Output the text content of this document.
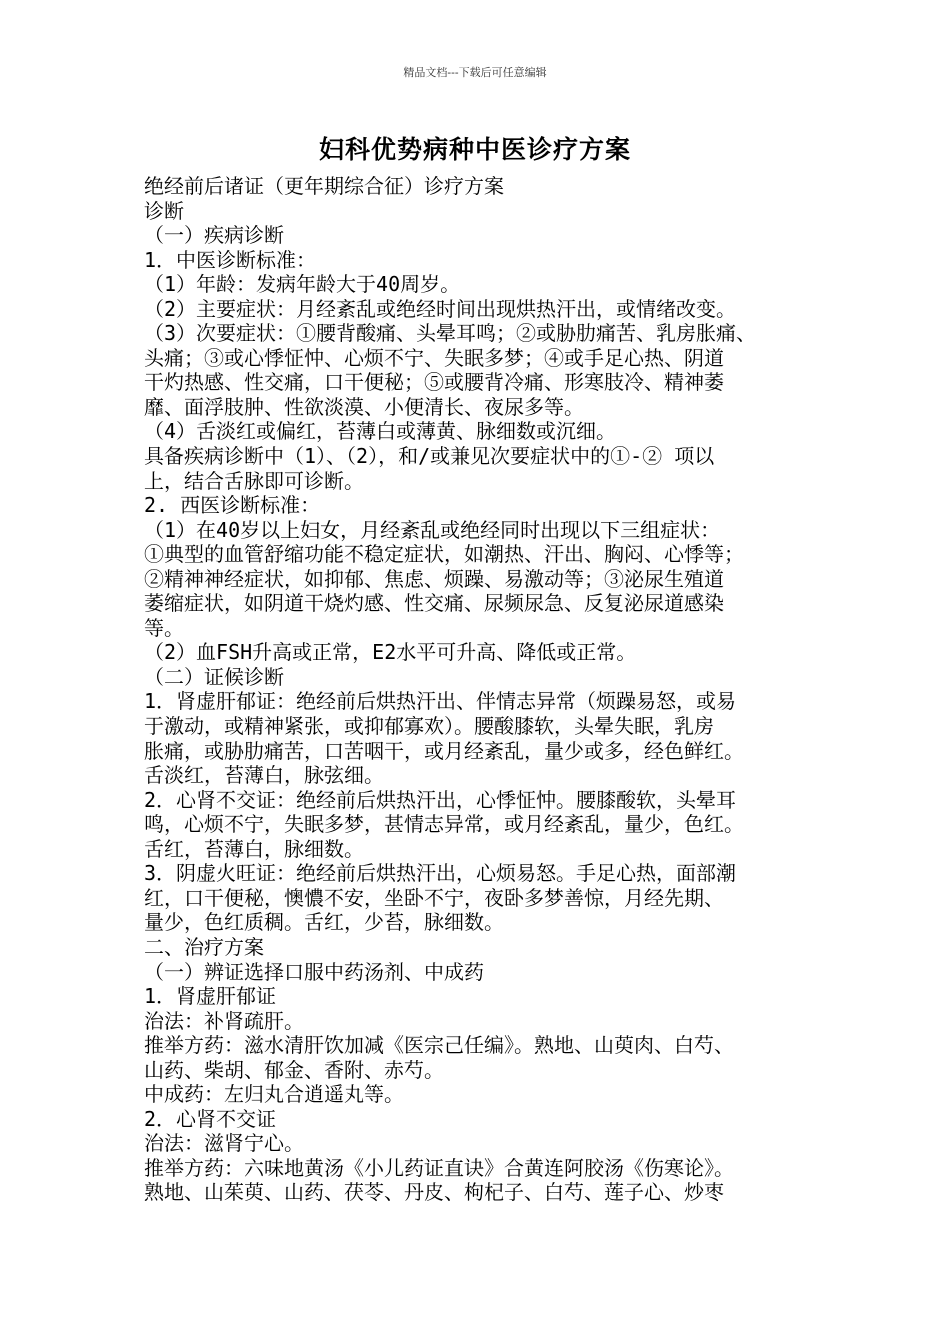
精品文档---下载后可任意编辑
妇科优势病种中医诊疗方案

绝经前后诸证（更年期综合征）诊疗方案

诊断

（一）疾病诊断

1．中医诊断标准：

（1）年龄：发病年龄大于40周岁。

（2）主要症状：月经紊乱或绝经时间出现烘热汗出，或情绪改变。

（3）次要症状：①腰背酸痛、头晕耳鸣；②或胁肋痛苦、乳房胀痛、

头痛；③或心悸怔忡、心烦不宁、失眠多梦；④或手足心热、阴道

干灼热感、性交痛，口干便秘；⑤或腰背冷痛、形寒肢冷、精神萎

靡、面浮肢肿、性欲淡漠、小便清长、夜尿多等。

（4）舌淡红或偏红，苔薄白或薄黄、脉细数或沉细。

具备疾病诊断中（1）、（2），和/或兼见次要症状中的①-② 项以

上，结合舌脉即可诊断。

2. 西医诊断标准：

（1）在40岁以上妇女，月经紊乱或绝经同时出现以下三组症状：

①典型的血管舒缩功能不稳定症状，如潮热、汗出、胸闷、心悸等；

②精神神经症状，如抑郁、焦虑、烦躁、易激动等；③泌尿生殖道

萎缩症状，如阴道干烧灼感、性交痛、尿频尿急、反复泌尿道感染

等。

（2）血FSH升高或正常，E2水平可升高、降低或正常。

（二）证候诊断

1．肾虚肝郁证：绝经前后烘热汗出、伴情志异常（烦躁易怒，或易

于激动，或精神紧张，或抑郁寡欢）。腰酸膝软，头晕失眠，乳房

胀痛，或胁肋痛苦，口苦咽干，或月经紊乱，量少或多，经色鲜红。

舌淡红，苔薄白，脉弦细。

2．心肾不交证：绝经前后烘热汗出，心悸怔忡。腰膝酸软，头晕耳

鸣，心烦不宁，失眠多梦，甚情志异常，或月经紊乱，量少，色红。

舌红，苔薄白，脉细数。

3．阴虚火旺证：绝经前后烘热汗出，心烦易怒。手足心热，面部潮

红，口干便秘，懊憹不安，坐卧不宁，夜卧多梦善惊，月经先期、

量少，色红质稠。舌红，少苔，脉细数。

二、治疗方案

（一）辨证选择口服中药汤剂、中成药

1．肾虚肝郁证

治法：补肾疏肝。

推举方药：滋水清肝饮加减《医宗己任编》。熟地、山萸肉、白芍、

山药、柴胡、郁金、香附、赤芍。

中成药：左归丸合逍遥丸等。

2．心肾不交证

治法：滋肾宁心。

推举方药：六味地黄汤《小儿药证直诀》合黄连阿胶汤《伤寒论》。

熟地、山茱萸、山药、茯苓、丹皮、枸杞子、白芍、莲子心、炒枣
